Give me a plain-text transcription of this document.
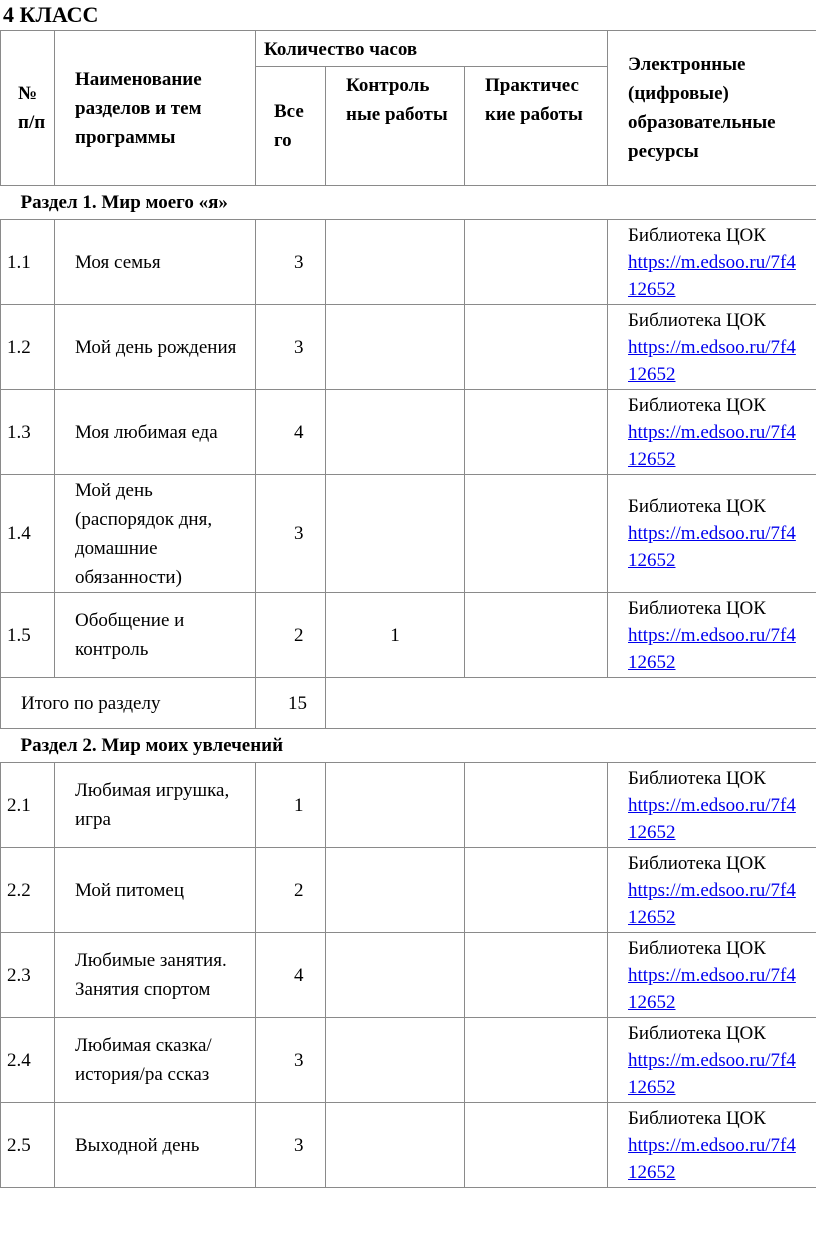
4 КЛАСС
№ п/п	Наименование разделов и тем программы	Количество часов			Электронные (цифровые) образовательные ресурсы
		Все го	Контроль ные работы	Практичес кие работы	
Раздел 1. Мир моего «я»					
1.1	Моя семья	3			Библиотека ЦОК
https://m.edsoo.ru/7f4
12652
1.2	Мой день рождения	3			Библиотека ЦОК
https://m.edsoo.ru/7f4
12652
1.3	Моя любимая еда	4			Библиотека ЦОК
https://m.edsoo.ru/7f4
12652
1.4	Мой день (распорядок дня, домашние обязанности)	3			Библиотека ЦОК
https://m.edsoo.ru/7f4
12652
1.5	Обобщение и контроль	2	1		Библиотека ЦОК
https://m.edsoo.ru/7f4
12652
Итого по разделу		15			
Раздел 2. Мир моих увлечений					
2.1	Любимая игрушка, игра	1			Библиотека ЦОК
https://m.edsoo.ru/7f4
12652
2.2	Мой питомец	2			Библиотека ЦОК
https://m.edsoo.ru/7f4
12652
2.3	Любимые занятия. Занятия спортом	4			Библиотека ЦОК
https://m.edsoo.ru/7f4
12652
2.4	Любимая сказка/история/ра ссказ	3			Библиотека ЦОК
https://m.edsoo.ru/7f4
12652
2.5	Выходной день	3			Библиотека ЦОК
https://m.edsoo.ru/7f4
12652
